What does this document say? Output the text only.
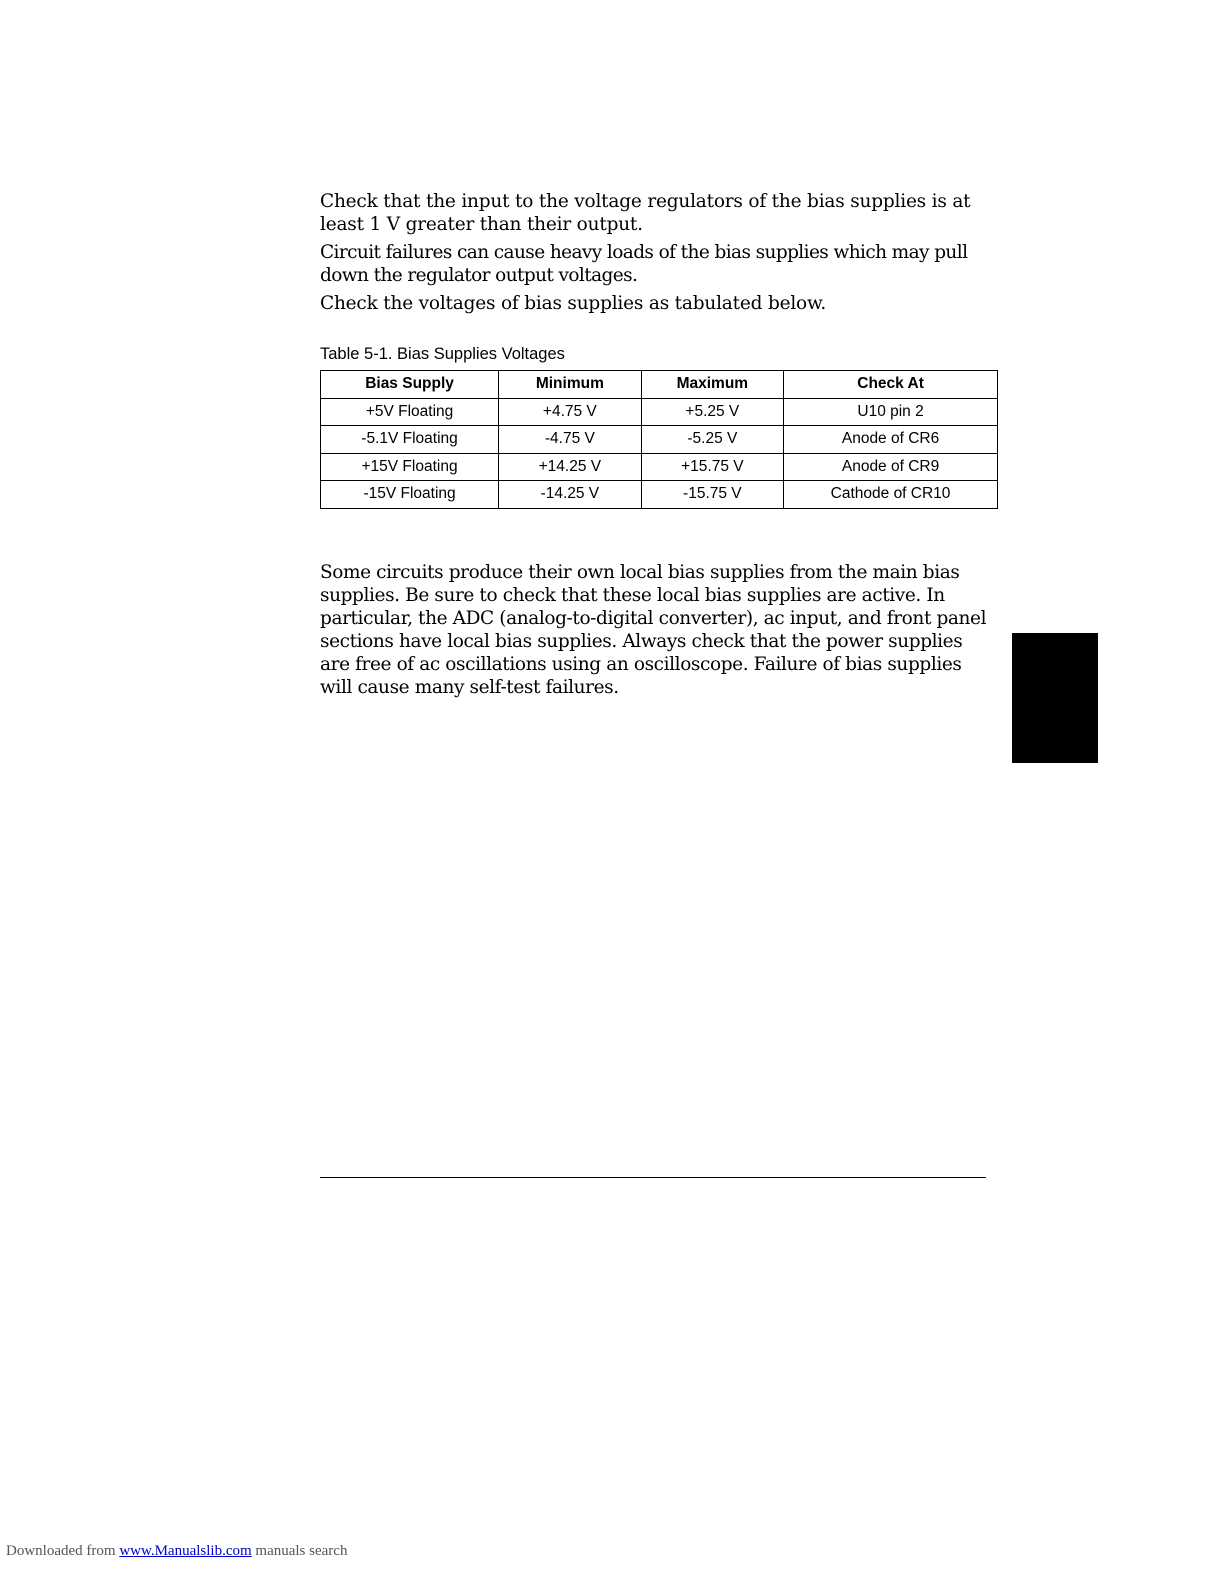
Check that the input to the voltage regulators of the bias supplies is at least 1 V greater than their output.

Circuit failures can cause heavy loads of the bias supplies which may pull down the regulator output voltages.

Check the voltages of bias supplies as tabulated below.

Table 5-1. Bias Supplies Voltages
Bias Supply	Minimum	Maximum	Check At
+5V Floating	+4.75 V	+5.25 V	U10 pin 2
-5.1V Floating	-4.75 V	-5.25 V	Anode of CR6
+15V Floating	+14.25 V	+15.75 V	Anode of CR9
-15V Floating	-14.25 V	-15.75 V	Cathode of CR10

Some circuits produce their own local bias supplies from the main bias supplies. Be sure to check that these local bias supplies are active. In particular, the ADC (analog-to-digital converter), ac input, and front panel sections have local bias supplies. Always check that the power supplies are free of ac oscillations using an oscilloscope. Failure of bias supplies will cause many self-test failures.

Downloaded from www.Manualslib.com manuals search
